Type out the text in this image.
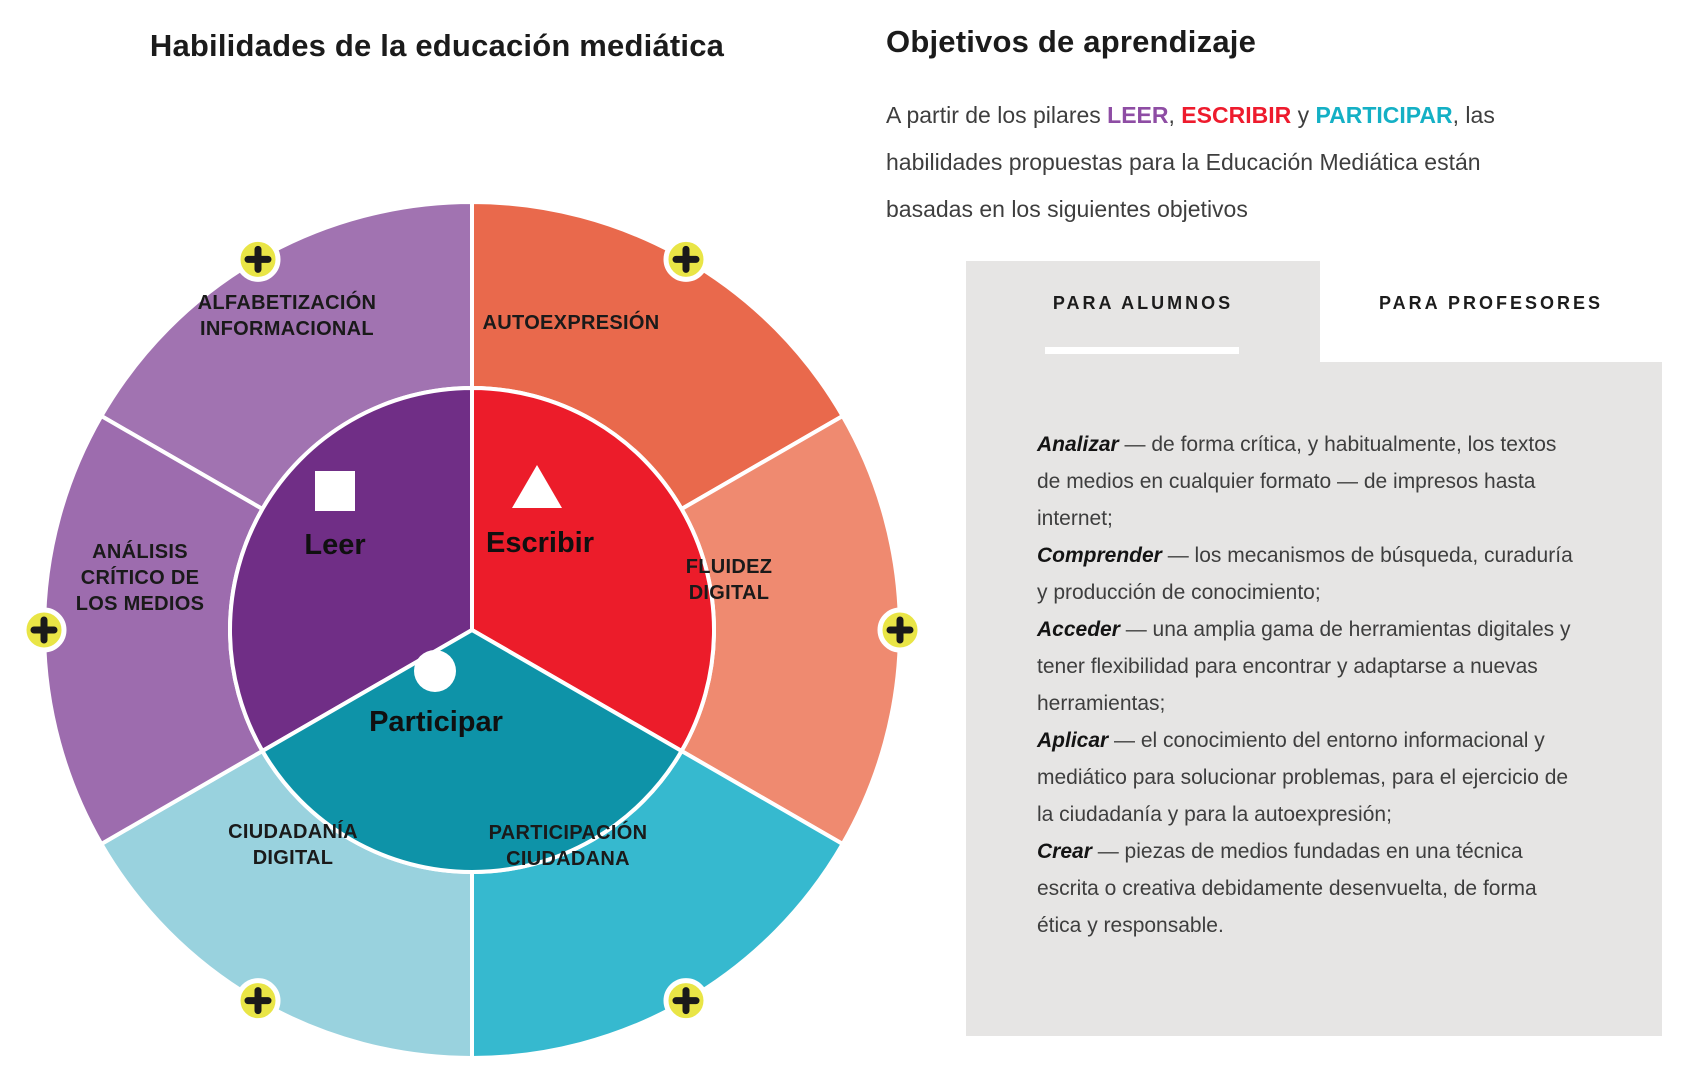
Habilidades de la educación mediática
Leer	Escribir
Participar
ALFABETIZACIÓN INFORMACIONAL	AUTOEXPRESIÓN
FLUIDEZ DIGITAL
PARTICIPACIÓN CIUDADANA
CIUDADANÍA DIGITAL
ANÁLISIS CRÍTICO DE LOS MEDIOS
Objetivos de aprendizaje
A partir de los pilares LEER, ESCRIBIR y PARTICIPAR, las habilidades propuestas para la Educación Mediática están basadas en los siguientes objetivos
PARA ALUMNOS	PARA PROFESORES
Analizar — de forma crítica, y habitualmente, los textos de medios en cualquier formato — de impresos hasta internet;
Comprender — los mecanismos de búsqueda, curaduría y producción de conocimiento;
Acceder — una amplia gama de herramientas digitales y tener flexibilidad para encontrar y adaptarse a nuevas herramientas;
Aplicar — el conocimiento del entorno informacional y mediático para solucionar problemas, para el ejercicio de la ciudadanía y para la autoexpresión;
Crear — piezas de medios fundadas en una técnica escrita o creativa debidamente desenvuelta, de forma ética y responsable.
